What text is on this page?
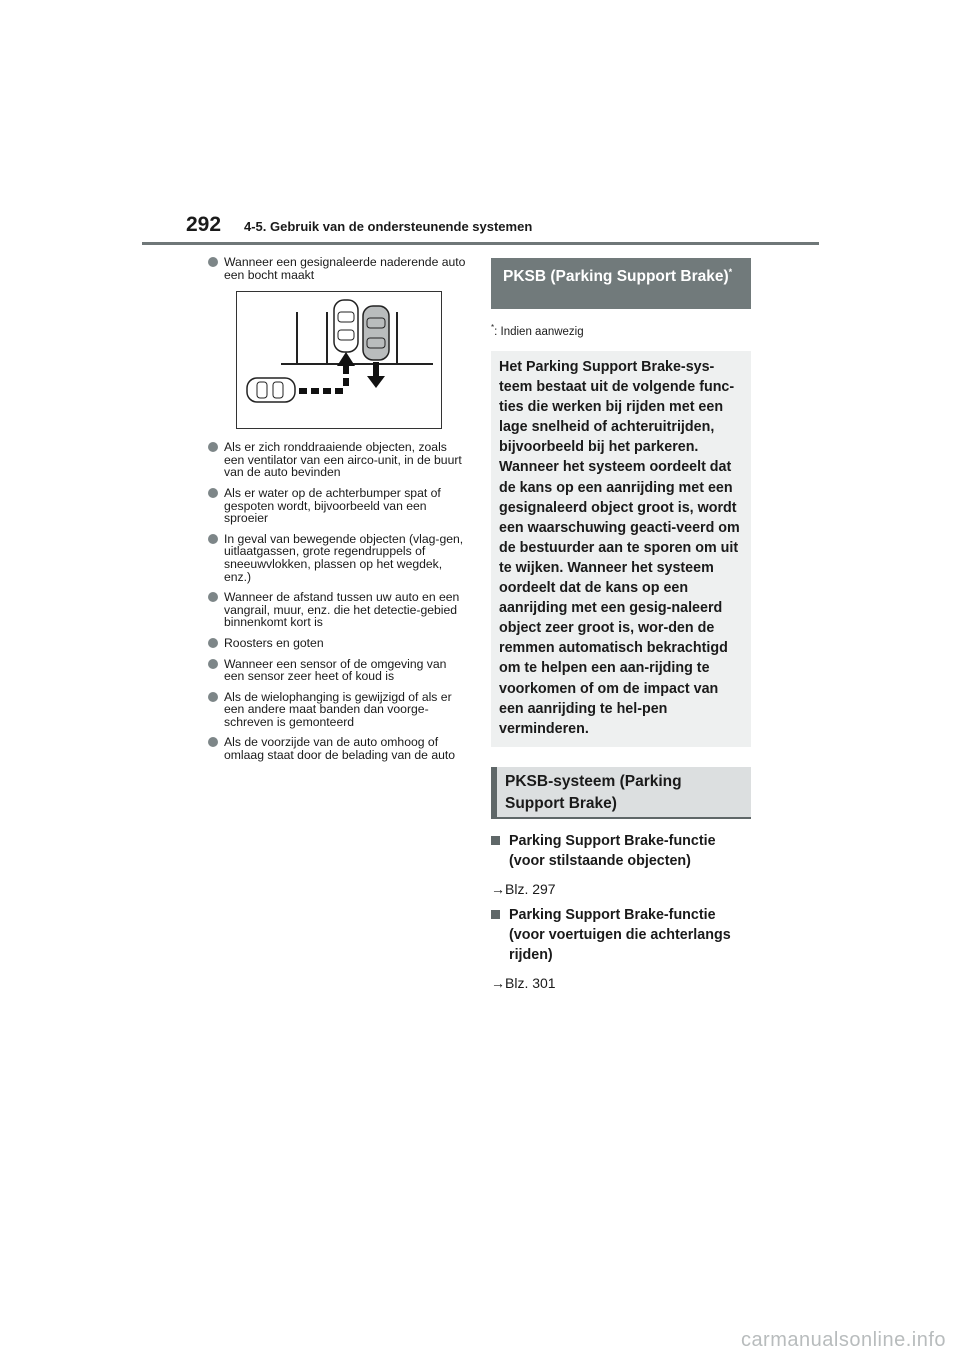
292 4-5. Gebruik van de ondersteunende systemen
Wanneer een gesignaleerde naderende auto een bocht maakt
Als er zich ronddraaiende objecten, zoals een ventilator van een airco-unit, in de buurt van de auto bevinden
Als er water op de achterbumper spat of gespoten wordt, bijvoorbeeld van een sproeier
In geval van bewegende objecten (vlag-gen, uitlaatgassen, grote regendruppels of sneeuwvlokken, plassen op het wegdek, enz.)
Wanneer de afstand tussen uw auto en een vangrail, muur, enz. die het detectie-gebied binnenkomt kort is
Roosters en goten
Wanneer een sensor of de omgeving van een sensor zeer heet of koud is
Als de wielophanging is gewijzigd of als er een andere maat banden dan voorge-schreven is gemonteerd
Als de voorzijde van de auto omhoog of omlaag staat door de belading van de auto
PKSB (Parking Support Brake)*
*: Indien aanwezig
Het Parking Support Brake-sys-teem bestaat uit de volgende func-ties die werken bij rijden met een lage snelheid of achteruitrijden, bijvoorbeeld bij het parkeren. Wanneer het systeem oordeelt dat de kans op een aanrijding met een gesignaleerd object groot is, wordt een waarschuwing geacti-veerd om de bestuurder aan te sporen om uit te wijken. Wanneer het systeem oordeelt dat de kans op een aanrijding met een gesig-naleerd object zeer groot is, wor-den de remmen automatisch bekrachtigd om te helpen een aan-rijding te voorkomen of om de impact van een aanrijding te hel-pen verminderen.
PKSB-systeem (Parking Support Brake)
Parking Support Brake-functie (voor stilstaande objecten)
→Blz. 297
Parking Support Brake-functie (voor voertuigen die achterlangs rijden)
→Blz. 301
carmanualsonline.info
